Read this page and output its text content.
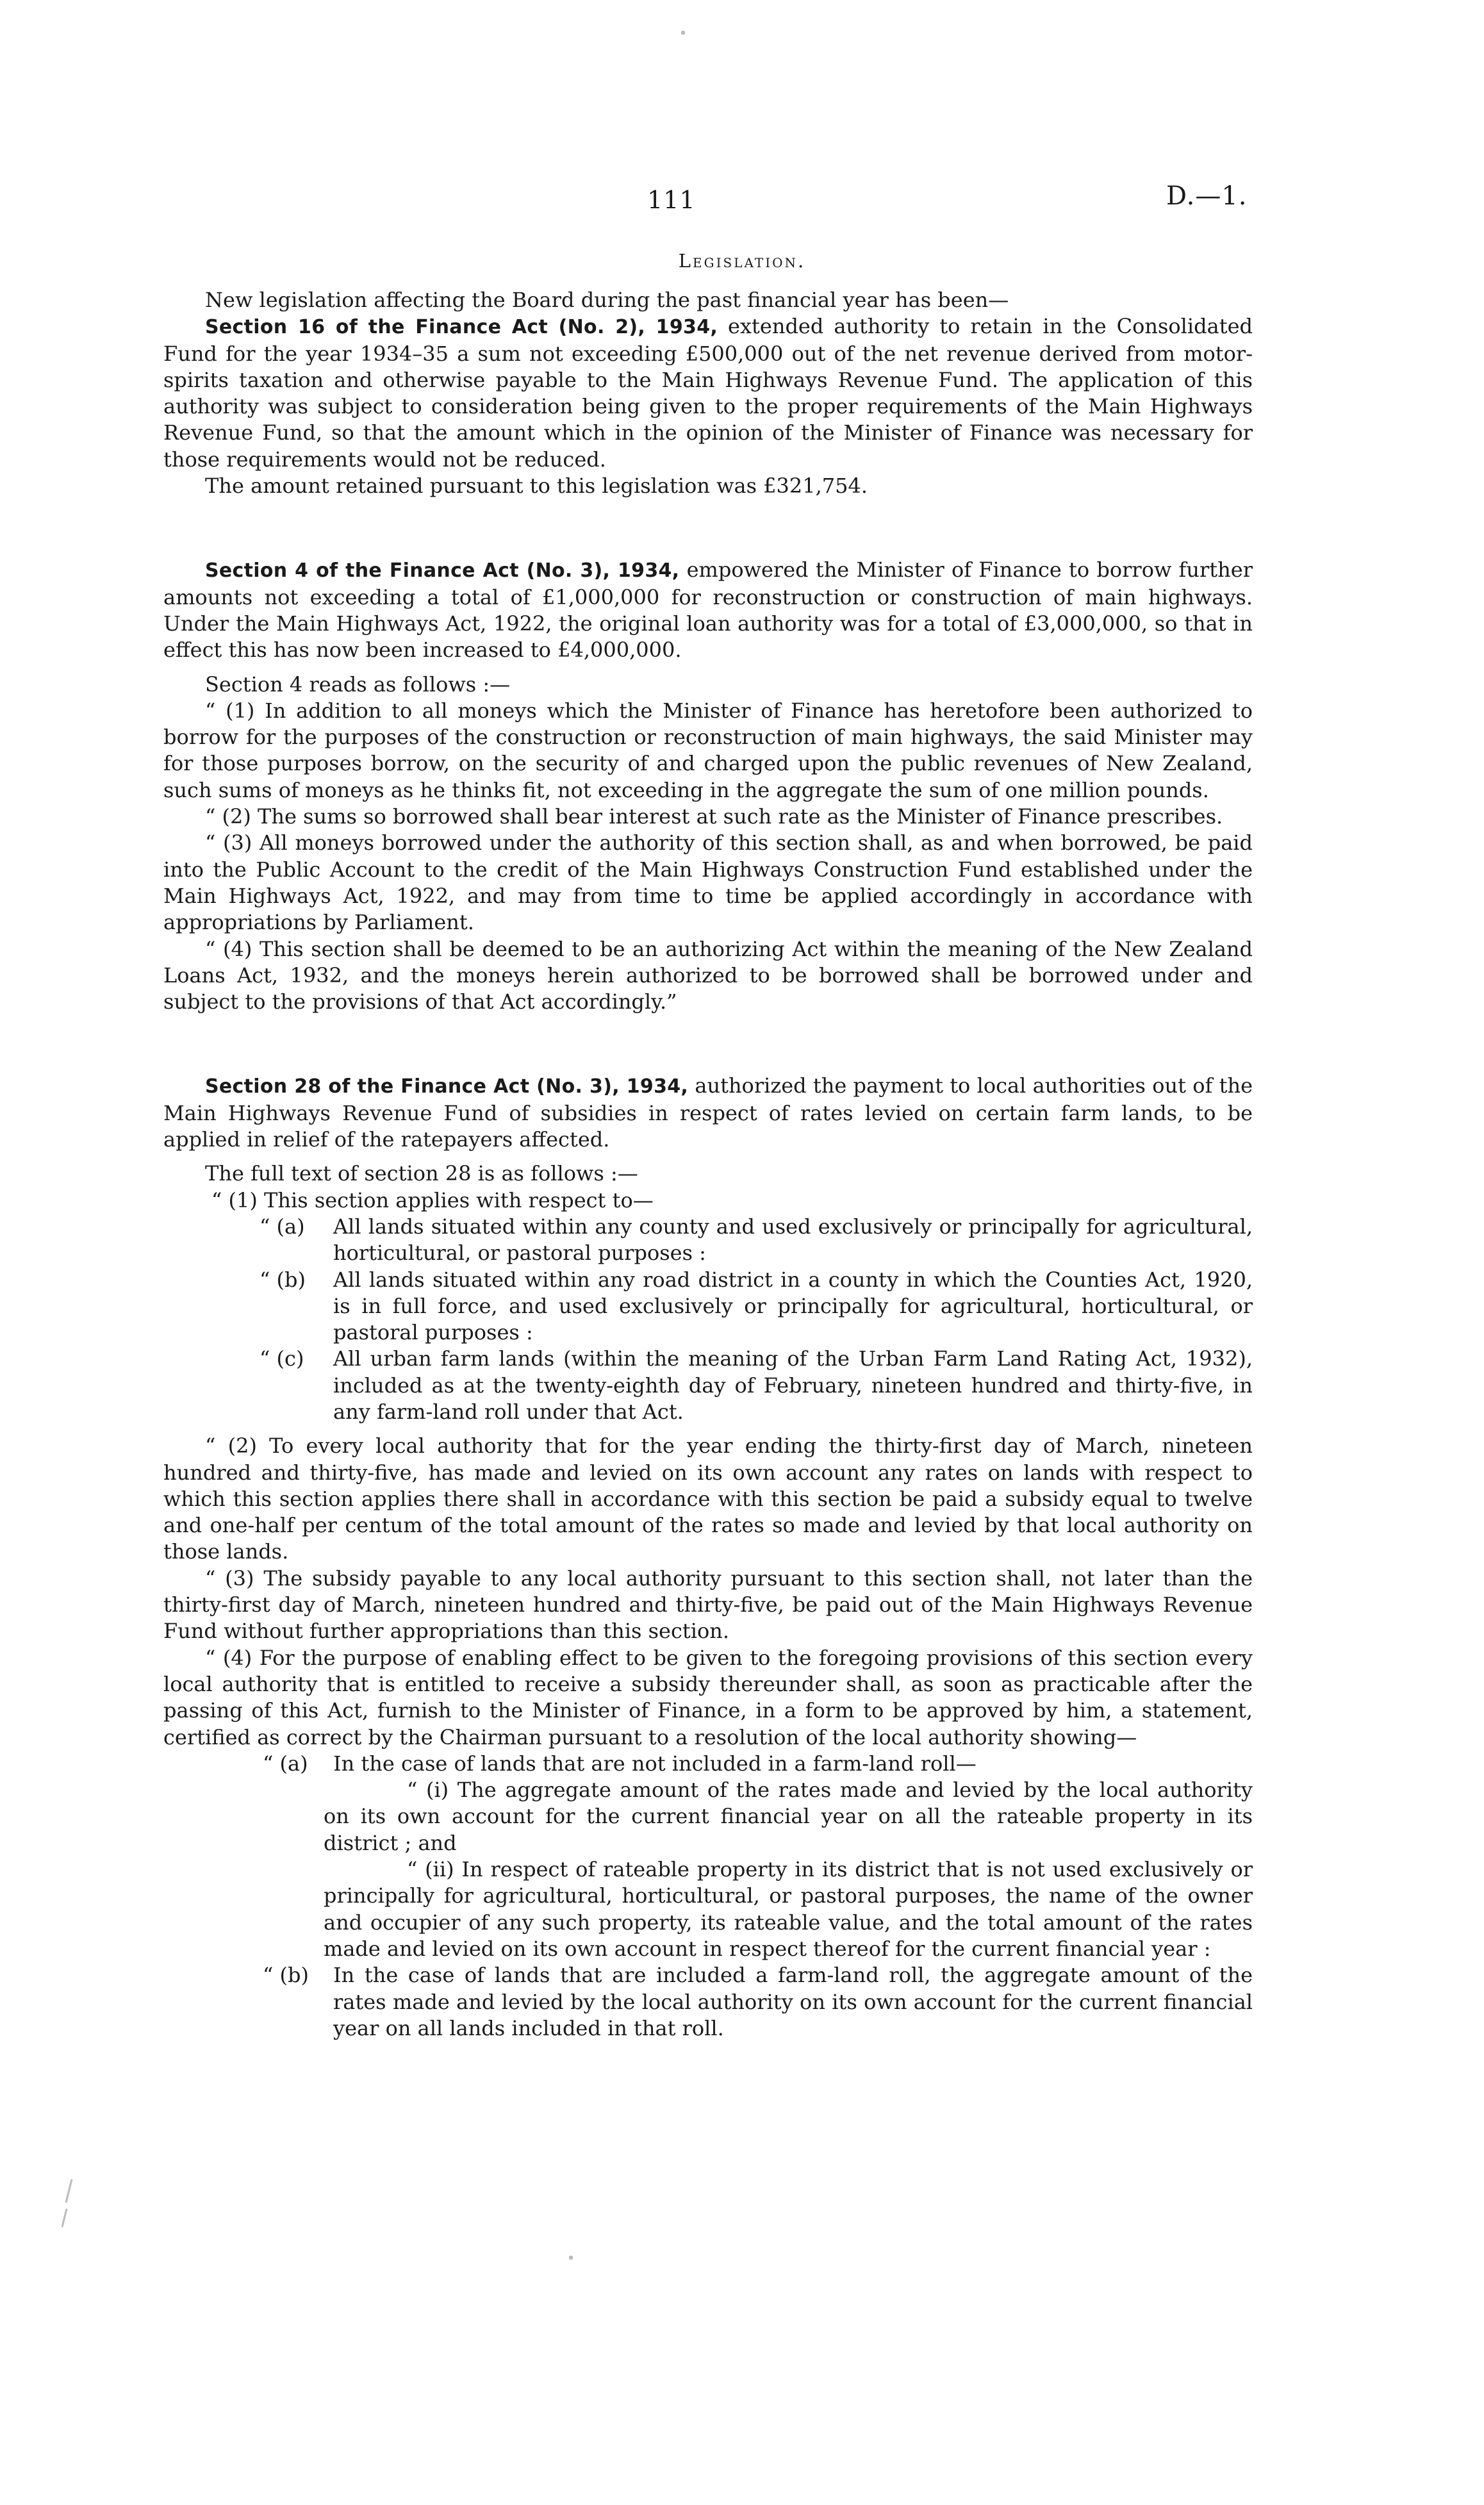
111	D.—1.
Legislation.

New legislation affecting the Board during the past financial year has been—

Section 16 of the Finance Act (No. 2), 1934, extended authority to retain in the Consolidated Fund for the year 1934–35 a sum not exceeding £500,000 out of the net revenue derived from motor-spirits taxation and otherwise payable to the Main Highways Revenue Fund. The application of this authority was subject to consideration being given to the proper requirements of the Main Highways Revenue Fund, so that the amount which in the opinion of the Minister of Finance was necessary for those requirements would not be reduced.

The amount retained pursuant to this legislation was £321,754.

Section 4 of the Finance Act (No. 3), 1934, empowered the Minister of Finance to borrow further amounts not exceeding a total of £1,000,000 for reconstruction or construction of main highways. Under the Main Highways Act, 1922, the original loan authority was for a total of £3,000,000, so that in effect this has now been increased to £4,000,000.

Section 4 reads as follows :—

“ (1) In addition to all moneys which the Minister of Finance has heretofore been authorized to borrow for the purposes of the construction or reconstruction of main highways, the said Minister may for those purposes borrow, on the security of and charged upon the public revenues of New Zealand, such sums of moneys as he thinks fit, not exceeding in the aggregate the sum of one million pounds.

“ (2) The sums so borrowed shall bear interest at such rate as the Minister of Finance prescribes.

“ (3) All moneys borrowed under the authority of this section shall, as and when borrowed, be paid into the Public Account to the credit of the Main Highways Construction Fund established under the Main Highways Act, 1922, and may from time to time be applied accordingly in accordance with appropriations by Parliament.

“ (4) This section shall be deemed to be an authorizing Act within the meaning of the New Zealand Loans Act, 1932, and the moneys herein authorized to be borrowed shall be borrowed under and subject to the provisions of that Act accordingly.”

Section 28 of the Finance Act (No. 3), 1934, authorized the payment to local authorities out of the Main Highways Revenue Fund of subsidies in respect of rates levied on certain farm lands, to be applied in relief of the ratepayers affected.

The full text of section 28 is as follows :—

“ (1) This section applies with respect to—

“ (a) All lands situated within any county and used exclusively or principally for agricultural, horticultural, or pastoral purposes :
“ (b) All lands situated within any road district in a county in which the Counties Act, 1920, is in full force, and used exclusively or principally for agricultural, horticultural, or pastoral purposes :
“ (c) All urban farm lands (within the meaning of the Urban Farm Land Rating Act, 1932), included as at the twenty-eighth day of February, nineteen hundred and thirty-five, in any farm-land roll under that Act.

“ (2) To every local authority that for the year ending the thirty-first day of March, nineteen hundred and thirty-five, has made and levied on its own account any rates on lands with respect to which this section applies there shall in accordance with this section be paid a subsidy equal to twelve and one-half per centum of the total amount of the rates so made and levied by that local authority on those lands.

“ (3) The subsidy payable to any local authority pursuant to this section shall, not later than the thirty-first day of March, nineteen hundred and thirty-five, be paid out of the Main Highways Revenue Fund without further appropriations than this section.

“ (4) For the purpose of enabling effect to be given to the foregoing provisions of this section every local authority that is entitled to receive a subsidy thereunder shall, as soon as practicable after the passing of this Act, furnish to the Minister of Finance, in a form to be approved by him, a statement, certified as correct by the Chairman pursuant to a resolution of the local authority showing—

“ (a) In the case of lands that are not included in a farm-land roll—

“ (i) The aggregate amount of the rates made and levied by the local authority on its own account for the current financial year on all the rateable property in its district ; and

“ (ii) In respect of rateable property in its district that is not used exclusively or principally for agricultural, horticultural, or pastoral purposes, the name of the owner and occupier of any such property, its rateable value, and the total amount of the rates made and levied on its own account in respect thereof for the current financial year :

“ (b) In the case of lands that are included a farm-land roll, the aggregate amount of the rates made and levied by the local authority on its own account for the current financial year on all lands included in that roll.
